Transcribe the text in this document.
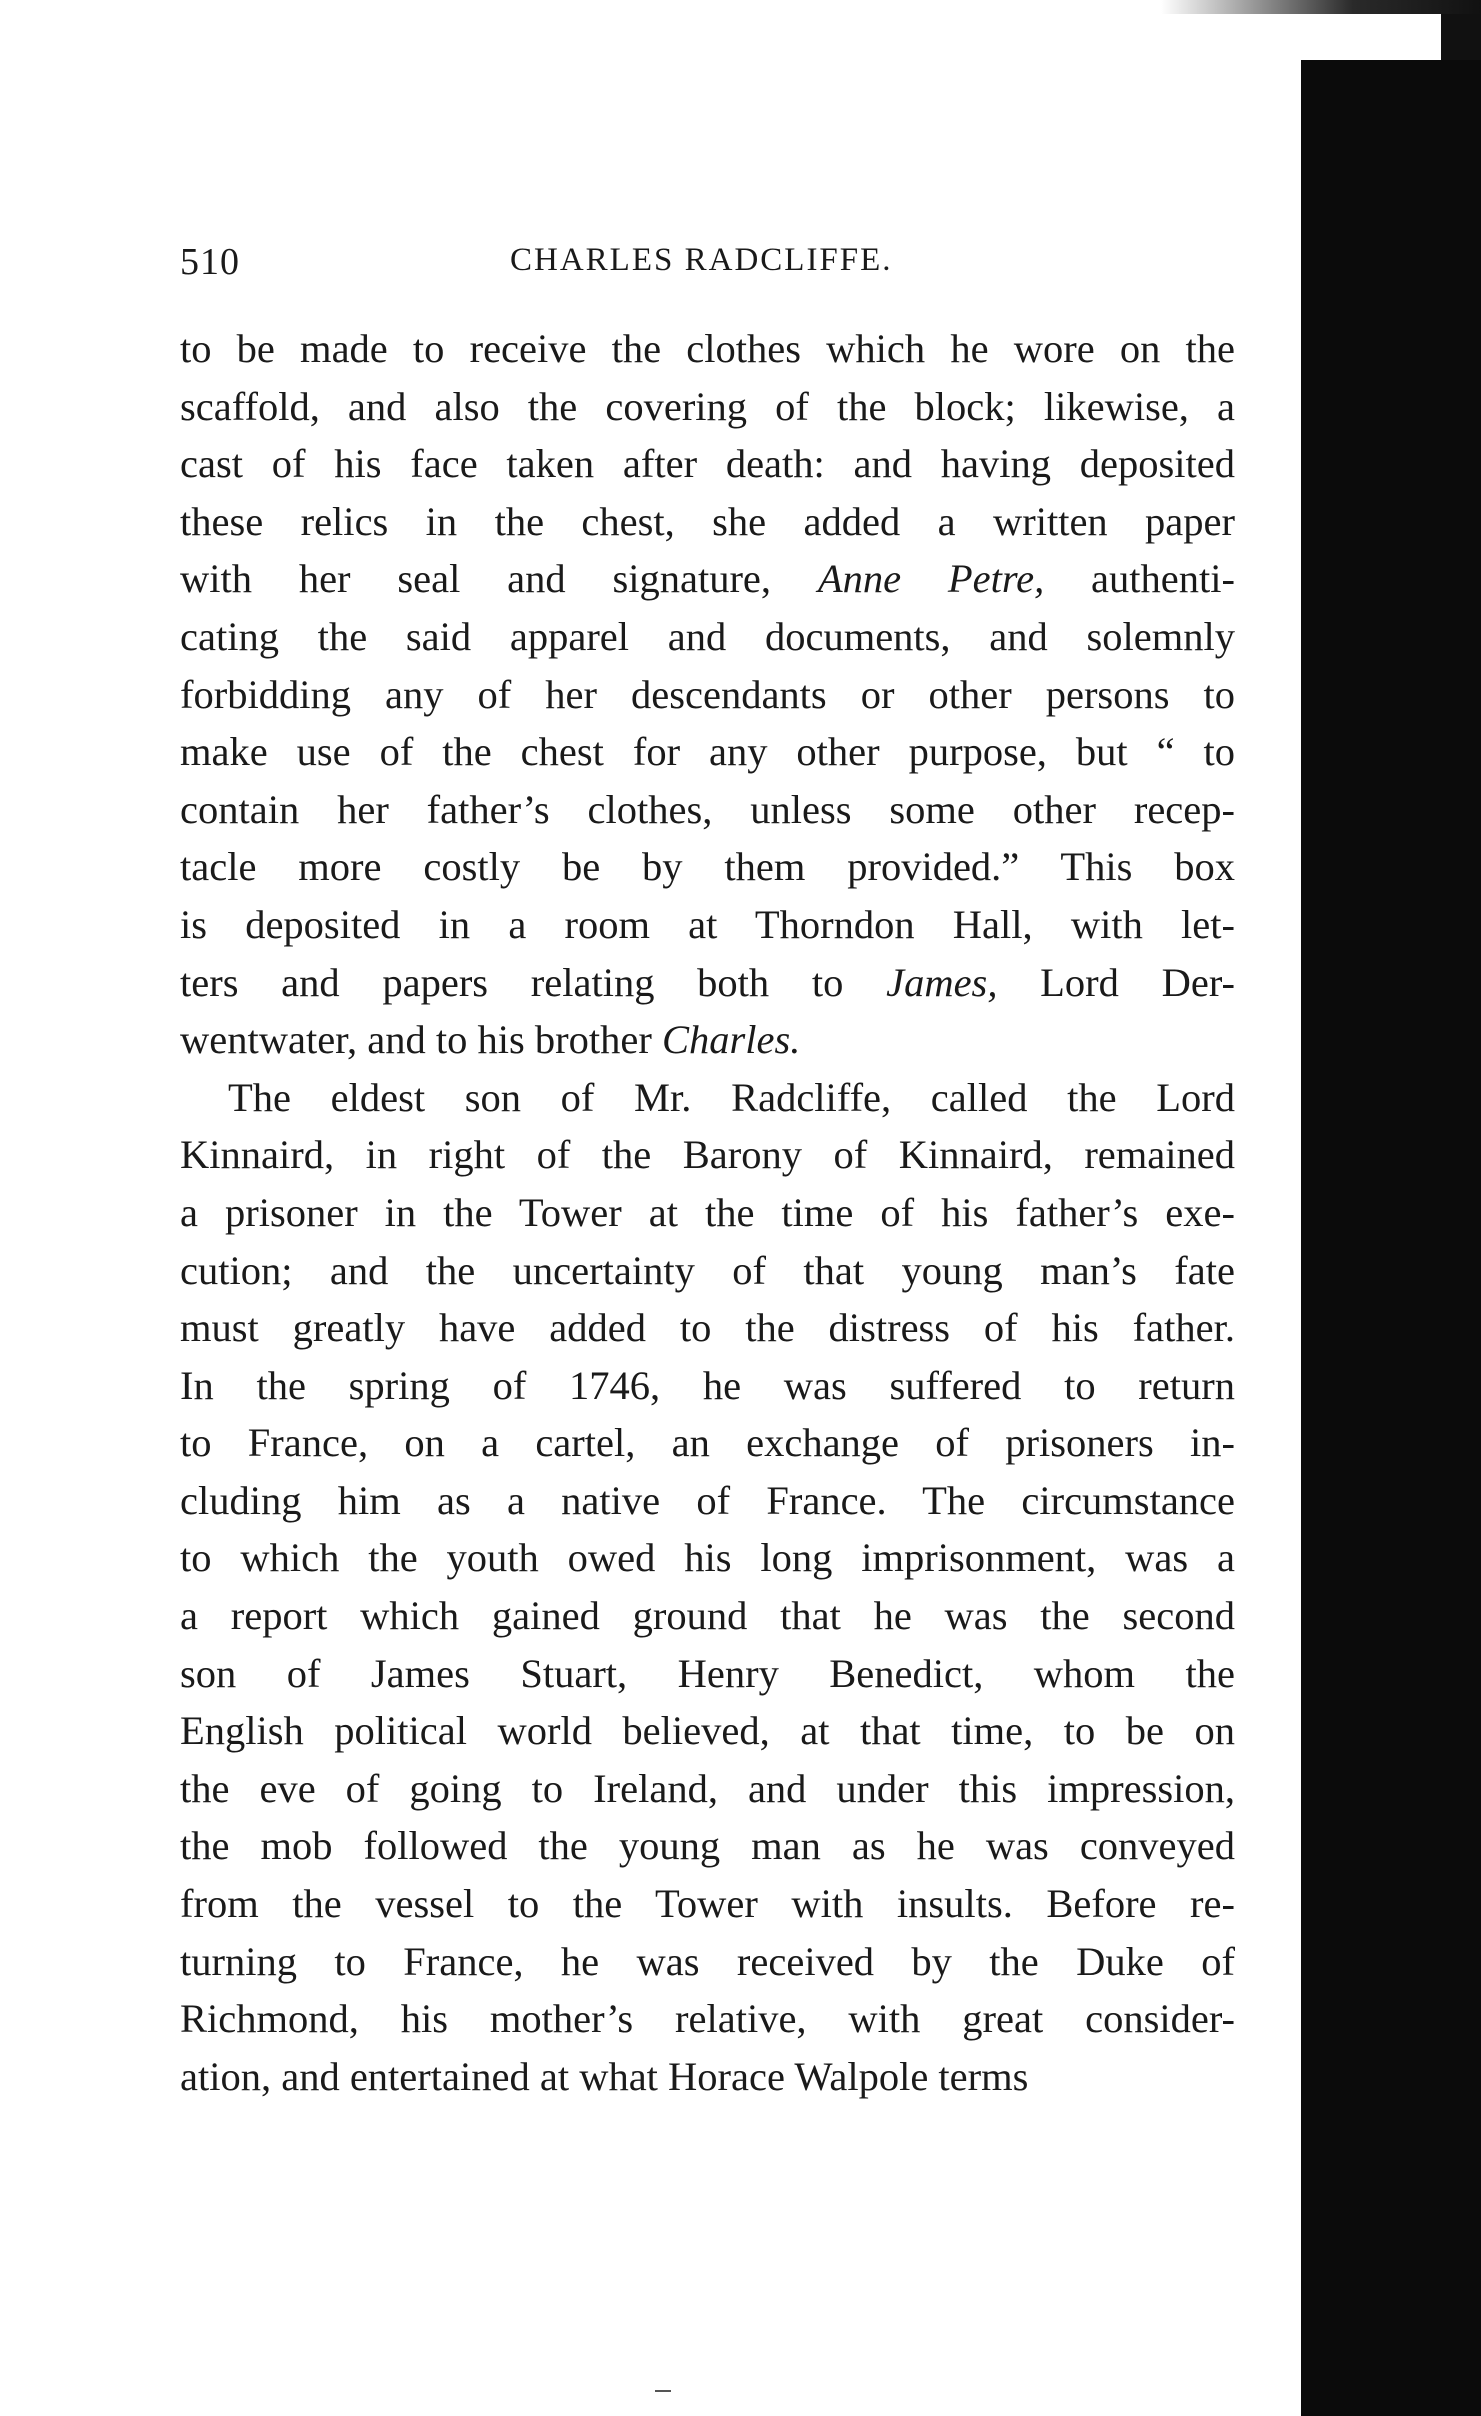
510	CHARLES RADCLIFFE.
to be made to receive the clothes which he wore on the
scaffold, and also the covering of the block; likewise, a
cast of his face taken after death: and having deposited
these relics in the chest, she added a written paper
with her seal and signature, Anne Petre, authenti-
cating the said apparel and documents, and solemnly
forbidding any of her descendants or other persons to
make use of the chest for any other purpose, but “ to
contain her father’s clothes, unless some other recep-
tacle more costly be by them provided.” This box
is deposited in a room at Thorndon Hall, with let-
ters and papers relating both to James, Lord Der-
wentwater, and to his brother Charles.
The eldest son of Mr. Radcliffe, called the Lord
Kinnaird, in right of the Barony of Kinnaird, remained
a prisoner in the Tower at the time of his father’s exe-
cution; and the uncertainty of that young man’s fate
must greatly have added to the distress of his father.
In the spring of 1746, he was suffered to return
to France, on a cartel, an exchange of prisoners in-
cluding him as a native of France. The circumstance
to which the youth owed his long imprisonment, was a
a report which gained ground that he was the second
son of James Stuart, Henry Benedict, whom the
English political world believed, at that time, to be on
the eve of going to Ireland, and under this impression,
the mob followed the young man as he was conveyed
from the vessel to the Tower with insults. Before re-
turning to France, he was received by the Duke of
Richmond, his mother’s relative, with great consider-
ation, and entertained at what Horace Walpole terms
